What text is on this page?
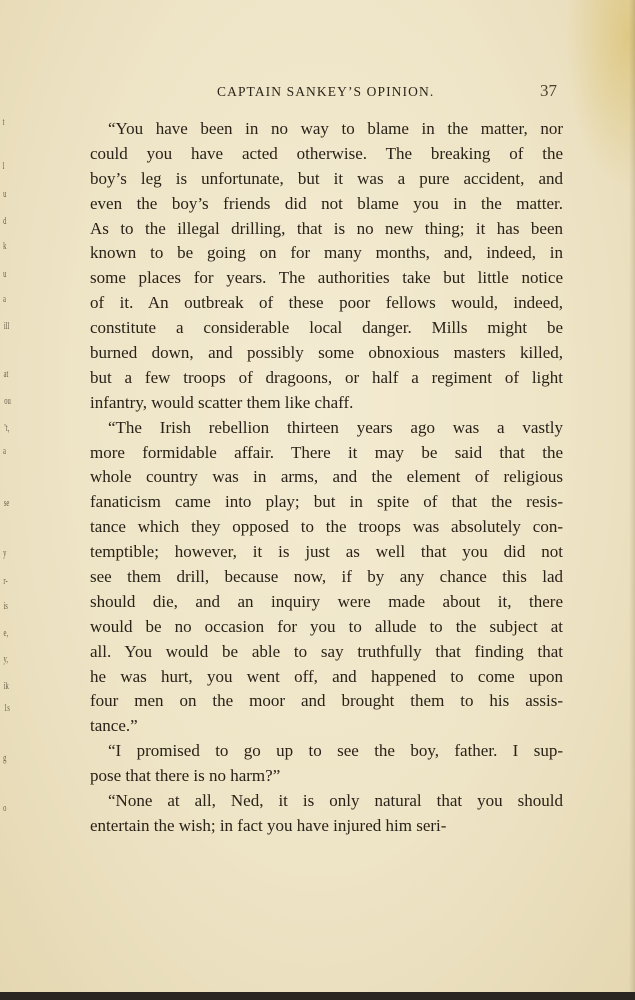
t
l
u
d
k
u
a
ill
at
ou
’t,
a
se
y
r-
is
e,
y,
ik
1s
g
o
CAPTAIN SANKEY’S OPINION.	37
“You have been in no way to blame in the matter, nor
could you have acted otherwise. The breaking of the
boy’s leg is unfortunate, but it was a pure accident, and
even the boy’s friends did not blame you in the matter.
As to the illegal drilling, that is no new thing; it has been
known to be going on for many months, and, indeed, in
some places for years. The authorities take but little notice
of it. An outbreak of these poor fellows would, indeed,
constitute a considerable local danger. Mills might be
burned down, and possibly some obnoxious masters killed,
but a few troops of dragoons, or half a regiment of light
infantry, would scatter them like chaff.
“The Irish rebellion thirteen years ago was a vastly
more formidable affair. There it may be said that the
whole country was in arms, and the element of religious
fanaticism came into play; but in spite of that the resis-
tance which they opposed to the troops was absolutely con-
temptible; however, it is just as well that you did not
see them drill, because now, if by any chance this lad
should die, and an inquiry were made about it, there
would be no occasion for you to allude to the subject at
all. You would be able to say truthfully that finding that
he was hurt, you went off, and happened to come upon
four men on the moor and brought them to his assis-
tance.”
“I promised to go up to see the boy, father. I sup-
pose that there is no harm?”
“None at all, Ned, it is only natural that you should
entertain the wish; in fact you have injured him seri-
